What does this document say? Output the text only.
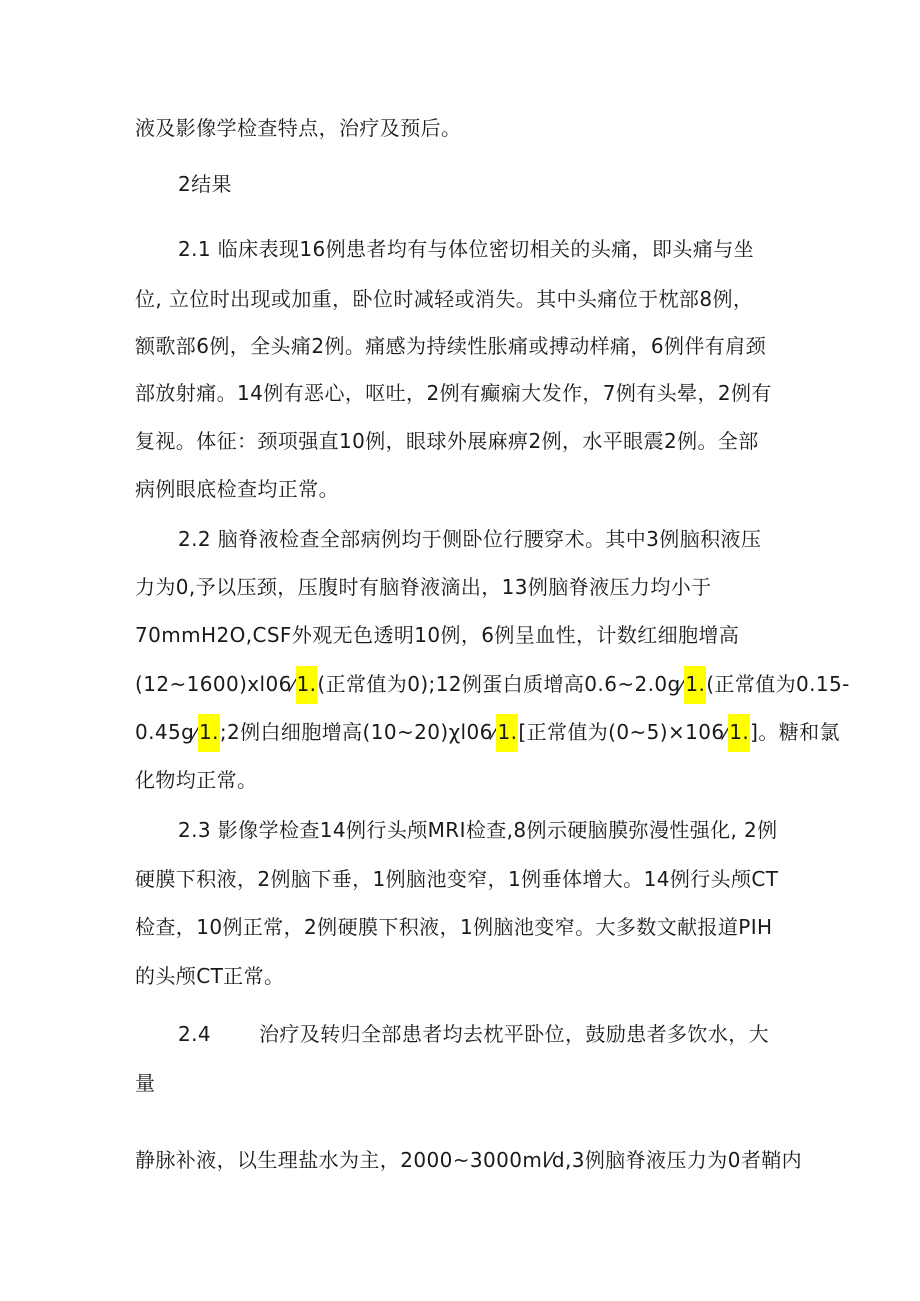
液及影像学检查特点，治疗及预后。
2结果
2.1 临床表现16例患者均有与体位密切相关的头痛，即头痛与坐
位, 立位时出现或加重，卧位时减轻或消失。其中头痛位于枕部8例，
额歌部6例，全头痛2例。痛感为持续性胀痛或搏动样痛，6例伴有肩颈
部放射痛。14例有恶心，呕吐，2例有癫痫大发作，7例有头晕，2例有
复视。体征：颈项强直10例，眼球外展麻痹2例，水平眼震2例。全部
病例眼底检查均正常。
2.2 脑脊液检查全部病例均于侧卧位行腰穿术。其中3例脑积液压
力为0,予以压颈，压腹时有脑脊液滴出，13例脑脊液压力均小于
70mmH2O,CSF外观无色透明10例，6例呈血性，计数红细胞增高
(12~1600)xl06⁄1.(正常值为0);12例蛋白质增高0.6~2.0g⁄1.(正常值为0.15-
0.45g⁄1.;2例白细胞增高(10~20)χl06⁄1.[正常值为(0~5)×106⁄1.]。糖和氯
化物均正常。
2.3 影像学检查14例行头颅MRI检查,8例示硬脑膜弥漫性强化, 2例
硬膜下积液，2例脑下垂，1例脑池变窄，1例垂体增大。14例行头颅CT
检查，10例正常，2例硬膜下积液，1例脑池变窄。大多数文献报道PIH
的头颅CT正常。
2.4 治疗及转归全部患者均去枕平卧位，鼓励患者多饮水，大
量
静脉补液，以生理盐水为主，2000~3000ml⁄d,3例脑脊液压力为0者鞘内
